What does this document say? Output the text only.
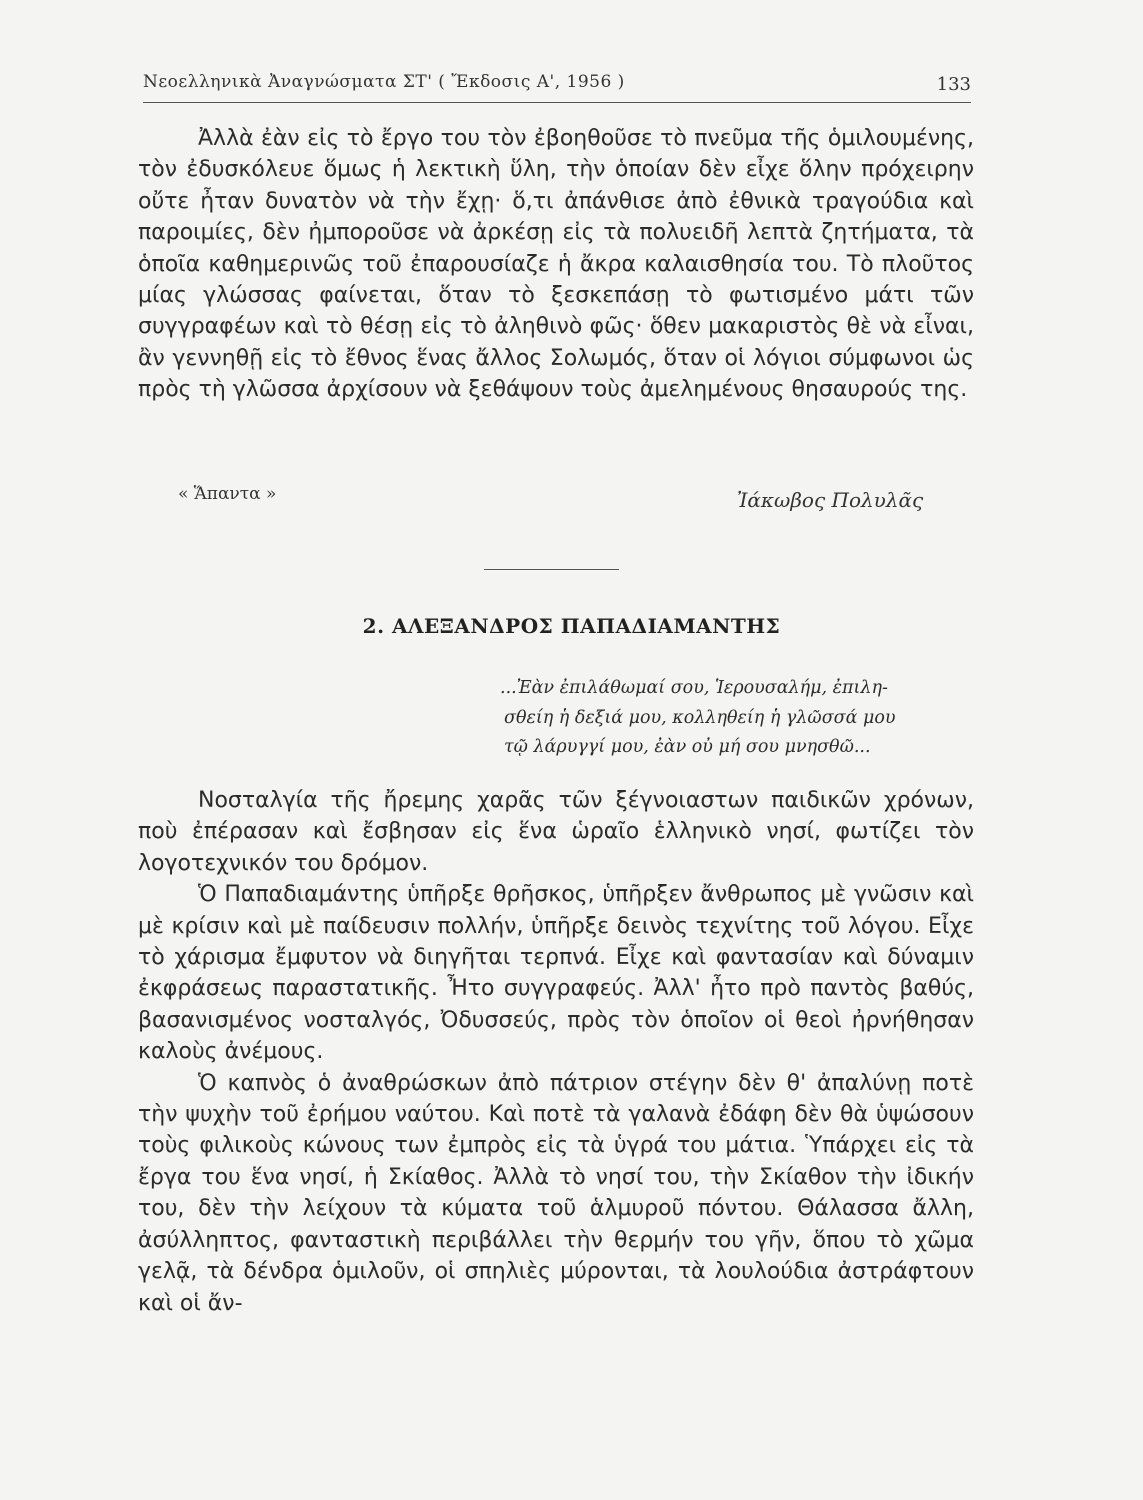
Νεοελληνικὰ Ἀναγνώσματα ΣΤ' ( Ἔκδοσις Α', 1956 )	133

Ἀλλὰ ἐὰν εἰς τὸ ἔργο του τὸν ἐβοηθοῦσε τὸ πνεῦμα τῆς ὁμιλουμένης, τὸν ἐδυσκόλευε ὅμως ἡ λεκτικὴ ὕλη, τὴν ὁποίαν δὲν εἶχε ὅλην πρόχειρην οὔτε ἦταν δυνατὸν νὰ τὴν ἔχῃ· ὅ,τι ἀπάνθισε ἀπὸ ἐθνικὰ τραγούδια καὶ παροιμίες, δὲν ἠμποροῦσε νὰ ἀρκέσῃ εἰς τὰ πολυειδῆ λεπτὰ ζητήματα, τὰ ὁποῖα καθημερινῶς τοῦ ἐπαρουσίαζε ἡ ἄκρα καλαισθησία του. Τὸ πλοῦτος μίας γλώσσας φαίνεται, ὅταν τὸ ξεσκεπάσῃ τὸ φωτισμένο μάτι τῶν συγγραφέων καὶ τὸ θέσῃ εἰς τὸ ἀληθινὸ φῶς· ὅθεν μακαριστὸς θὲ νὰ εἶναι, ἂν γεννηθῇ εἰς τὸ ἔθνος ἕνας ἄλλος Σολωμός, ὅταν οἱ λόγιοι σύμφωνοι ὡς πρὸς τὴ γλῶσσα ἀρχίσουν νὰ ξεθάψουν τοὺς ἀμελημένους θησαυρούς της.

« Ἅπαντα »	Ἰάκωβος Πολυλᾶς
2. ΑΛΕΞΑΝΔΡΟΣ ΠΑΠΑΔΙΑΜΑΝΤΗΣ
...Ἐὰν ἐπιλάθωμαί σου, Ἱερουσαλήμ, ἐπιλη-
σθείη ἡ δεξιά μου, κολληθείη ἡ γλῶσσά μου
τῷ λάρυγγί μου, ἐὰν οὐ μή σου μνησθῶ...

Νοσταλγία τῆς ἤρεμης χαρᾶς τῶν ξέγνοιαστων παιδικῶν χρόνων, ποὺ ἐπέρασαν καὶ ἔσβησαν εἰς ἕνα ὡραῖο ἑλληνικὸ νησί, φωτίζει τὸν λογοτεχνικόν του δρόμον.

Ὁ Παπαδιαμάντης ὑπῆρξε θρῆσκος, ὑπῆρξεν ἄνθρωπος μὲ γνῶσιν καὶ μὲ κρίσιν καὶ μὲ παίδευσιν πολλήν, ὑπῆρξε δεινὸς τεχνίτης τοῦ λόγου. Εἶχε τὸ χάρισμα ἔμφυτον νὰ διηγῆται τερπνά. Εἶχε καὶ φαντασίαν καὶ δύναμιν ἐκφράσεως παραστατικῆς. Ἦτο συγγραφεύς. Ἀλλ' ἦτο πρὸ παντὸς βαθύς, βασανισμένος νοσταλγός, Ὀδυσσεύς, πρὸς τὸν ὁποῖον οἱ θεοὶ ἠρνήθησαν καλοὺς ἀνέμους.

Ὁ καπνὸς ὁ ἀναθρώσκων ἀπὸ πάτριον στέγην δὲν θ' ἀπαλύνῃ ποτὲ τὴν ψυχὴν τοῦ ἐρήμου ναύτου. Καὶ ποτὲ τὰ γαλανὰ ἐδάφη δὲν θὰ ὑψώσουν τοὺς φιλικοὺς κώνους των ἐμπρὸς εἰς τὰ ὑγρά του μάτια. Ὑπάρχει εἰς τὰ ἔργα του ἕνα νησί, ἡ Σκίαθος. Ἀλλὰ τὸ νησί του, τὴν Σκίαθον τὴν ἰδικήν του, δὲν τὴν λείχουν τὰ κύματα τοῦ ἁλμυροῦ πόντου. Θάλασσα ἄλλη, ἀσύλληπτος, φανταστικὴ περιβάλλει τὴν θερμήν του γῆν, ὅπου τὸ χῶμα γελᾷ, τὰ δένδρα ὁμιλοῦν, οἱ σπηλιὲς μύρονται, τὰ λουλούδια ἀστράφτουν καὶ οἱ ἄν-
